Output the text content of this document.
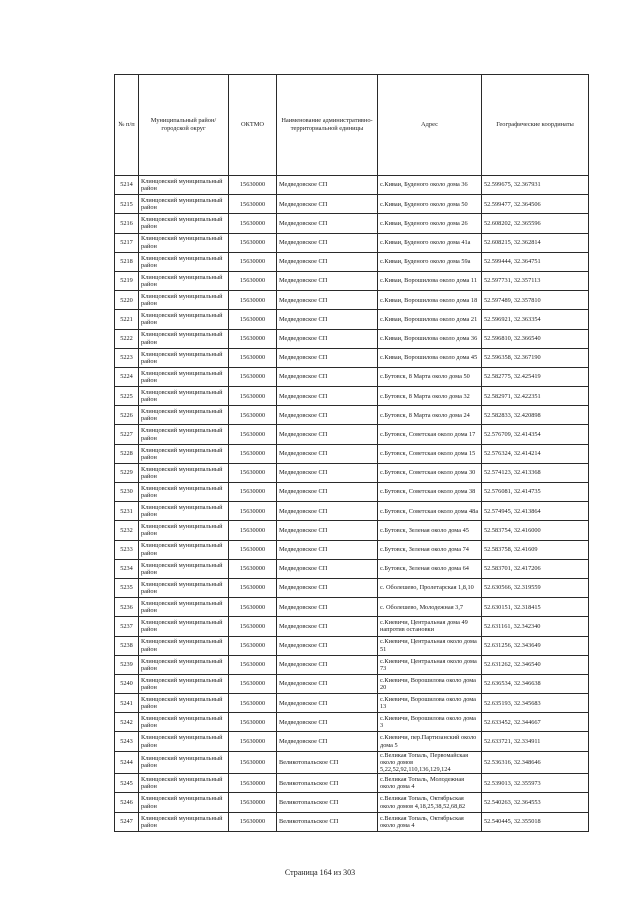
№ п/п	Муниципальный район/городской округ	ОКТМО	Наименование административно-территориальной единицы	Адрес	Географические координаты
5214	Клинцовский муниципальный район	15630000	Медведовское СП	с.Киваи, Буденого около дома 36	52.599675, 32.367931
5215	Клинцовский муниципальный район	15630000	Медведовское СП	с.Киваи, Буденого около дома 50	52.599477, 32.364506
5216	Клинцовский муниципальный район	15630000	Медведовское СП	с.Киваи, Буденого около дома 26	52.608202, 32.365596
5217	Клинцовский муниципальный район	15630000	Медведовское СП	с.Киваи, Буденого около дома 41а	52.608215, 32.362814
5218	Клинцовский муниципальный район	15630000	Медведовское СП	с.Киваи, Буденого около дома 59а	52.599444, 32.364751
5219	Клинцовский муниципальный район	15630000	Медведовское СП	с.Киваи, Ворошилова около дома 11	52.597731, 32.357113
5220	Клинцовский муниципальный район	15630000	Медведовское СП	с.Киваи, Ворошилова около дома 18	52.597489, 32.357810
5221	Клинцовский муниципальный район	15630000	Медведовское СП	с.Киваи, Ворошилова около дома 21	52.596921, 32.363354
5222	Клинцовский муниципальный район	15630000	Медведовское СП	с.Киваи, Ворошилова около дома 36	52.596810, 32.366540
5223	Клинцовский муниципальный район	15630000	Медведовское СП	с.Киваи, Ворошилова около дома 45	52.596358, 32.367190
5224	Клинцовский муниципальный район	15630000	Медведовское СП	с.Бутовск, 8 Марта около дома 50	52.582775, 32.425419
5225	Клинцовский муниципальный район	15630000	Медведовское СП	с.Бутовск, 8 Марта около дома 32	52.582971, 32.422351
5226	Клинцовский муниципальный район	15630000	Медведовское СП	с.Бутовск, 8 Марта около дома 24	52.582833, 32.420898
5227	Клинцовский муниципальный район	15630000	Медведовское СП	с.Бутовск, Советская около дома 17	52.576709, 32.414354
5228	Клинцовский муниципальный район	15630000	Медведовское СП	с.Бутовск, Советская около дома 15	52.576324, 32.414214
5229	Клинцовский муниципальный район	15630000	Медведовское СП	с.Бутовск, Советская около дома 30	52.574123, 32.413368
5230	Клинцовский муниципальный район	15630000	Медведовское СП	с.Бутовск, Советская около дома 38	52.576081, 32.414735
5231	Клинцовский муниципальный район	15630000	Медведовское СП	с.Бутовск, Советская около дома 48а	52.574945, 32.413864
5232	Клинцовский муниципальный район	15630000	Медведовское СП	с.Бутовск, Зеленая около дома 45	52.583754, 32.416000
5233	Клинцовский муниципальный район	15630000	Медведовское СП	с.Бутовск, Зеленая около дома 74	52.583758, 32.41609
5234	Клинцовский муниципальный район	15630000	Медведовское СП	с.Бутовск, Зеленая около дома 64	52.583701, 32.417206
5235	Клинцовский муниципальный район	15630000	Медведовское СП	с. Оболешево, Пролетарская 1,8,10	52.630566, 32.319559
5236	Клинцовский муниципальный район	15630000	Медведовское СП	с. Оболешево, Молодежная 3,7	52.630151, 32.318415
5237	Клинцовский муниципальный район	15630000	Медведовское СП	с.Киевичи, Центральная дома 49 напротив остановки	52.631161, 32.342340
5238	Клинцовский муниципальный район	15630000	Медведовское СП	с.Киевичи, Центральная около дома 51	52.631256, 32.343649
5239	Клинцовский муниципальный район	15630000	Медведовское СП	с.Киевичи, Центральная около дома 73	52.631262, 32.346540
5240	Клинцовский муниципальный район	15630000	Медведовское СП	с.Киевичи, Ворошилова около дома 20	52.636534, 32.346638
5241	Клинцовский муниципальный район	15630000	Медведовское СП	с.Киевичи, Ворошилова около дома 13	52.635193, 32.345683
5242	Клинцовский муниципальный район	15630000	Медведовское СП	с.Киевичи, Ворошилова около дома 3	52.633452, 32.344667
5243	Клинцовский муниципальный район	15630000	Медведовское СП	с.Киевичи, пер.Партизанский около дома 5	52.633721, 32.334911
5244	Клинцовский муниципальный район	15630000	Великотопальское СП	с.Великая Топаль, Первомайская около домов 5,22,52,92,110,136,129,124	52.536316, 32.348646
5245	Клинцовский муниципальный район	15630000	Великотопальское СП	с.Великая Топаль, Молодежная около дома 4	52.539013, 32.355973
5246	Клинцовский муниципальный район	15630000	Великотопальское СП	с.Великая Топаль, Октябрьская около домов 4,18,25,38,52,68,82	52.540263, 32.364553
5247	Клинцовский муниципальный район	15630000	Великотопальское СП	с.Великая Топаль, Октябрьская около дома 4	52.540445, 32.355018
Страница 164 из 303
